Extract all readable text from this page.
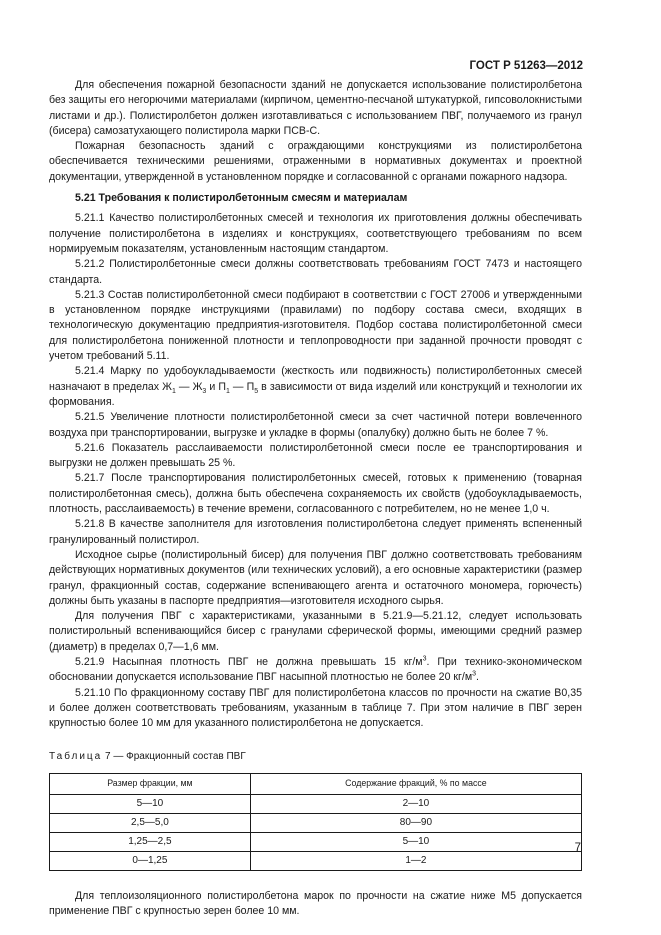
ГОСТ Р 51263—2012

Для обеспечения пожарной безопасности зданий не допускается использование полистиролбетона без защиты его негорючими материалами (кирпичом, цементно-песчаной штукатуркой, гипсоволокнистыми листами и др.). Полистиролбетон должен изготавливаться с использованием ПВГ, получаемого из гранул (бисера) самозатухающего полистирола марки ПСВ-С.

Пожарная безопасность зданий с ограждающими конструкциями из полистиролбетона обеспечивается техническими решениями, отраженными в нормативных документах и проектной документации, утвержденной в установленном порядке и согласованной с органами пожарного надзора.

5.21 Требования к полистиролбетонным смесям и материалам

5.21.1 Качество полистиролбетонных смесей и технология их приготовления должны обеспечивать получение полистиролбетона в изделиях и конструкциях, соответствующего требованиям по всем нормируемым показателям, установленным настоящим стандартом.

5.21.2 Полистиролбетонные смеси должны соответствовать требованиям ГОСТ 7473 и настоящего стандарта.

5.21.3 Состав полистиролбетонной смеси подбирают в соответствии с ГОСТ 27006 и утвержденными в установленном порядке инструкциями (правилами) по подбору состава смеси, входящих в технологическую документацию предприятия-изготовителя. Подбор состава полистиролбетонной смеси для полистиролбетона пониженной плотности и теплопроводности при заданной прочности проводят с учетом требований 5.11.

5.21.4 Марку по удобоукладываемости (жесткость или подвижность) полистиролбетонных смесей назначают в пределах $Ж_1$ — $Ж_3$ и $П_1$ — $П_5$ в зависимости от вида изделий или конструкций и технологии их формования.

5.21.5 Увеличение плотности полистиролбетонной смеси за счет частичной потери вовлеченного воздуха при транспортировании, выгрузке и укладке в формы (опалубку) должно быть не более 7 %.

5.21.6 Показатель расслаиваемости полистиролбетонной смеси после ее транспортирования и выгрузки не должен превышать 25 %.

5.21.7 После транспортирования полистиролбетонных смесей, готовых к применению (товарная полистиролбетонная смесь), должна быть обеспечена сохраняемость их свойств (удобоукладываемость, плотность, расслаиваемость) в течение времени, согласованного с потребителем, но не менее 1,0 ч.

5.21.8 В качестве заполнителя для изготовления полистиролбетона следует применять вспененный гранулированный полистирол.

Исходное сырье (полистирольный бисер) для получения ПВГ должно соответствовать требованиям действующих нормативных документов (или технических условий), а его основные характеристики (размер гранул, фракционный состав, содержание вспенивающего агента и остаточного мономера, горючесть) должны быть указаны в паспорте предприятия—изготовителя исходного сырья.

Для получения ПВГ с характеристиками, указанными в 5.21.9—5.21.12, следует использовать полистирольный вспенивающийся бисер с гранулами сферической формы, имеющими средний размер (диаметр) в пределах 0,7—1,6 мм.

5.21.9 Насыпная плотность ПВГ не должна превышать 15 $кг/м^3$. При технико-экономическом обосновании допускается использование ПВГ насыпной плотностью не более 20 $кг/м^3$.

5.21.10 По фракционному составу ПВГ для полистиролбетона классов по прочности на сжатие В0,35 и более должен соответствовать требованиям, указанным в таблице 7. При этом наличие в ПВГ зерен крупностью более 10 мм для указанного полистиролбетона не допускается.

Таблица 7 — Фракционный состав ПВГ
Размер фракции, мм	Содержание фракций, % по массе
5—10	2—10
2,5—5,0	80—90
1,25—2,5	5—10
0—1,25	1—2

Для теплоизоляционного полистиролбетона марок по прочности на сжатие ниже М5 допускается применение ПВГ с крупностью зерен более 10 мм.

7
